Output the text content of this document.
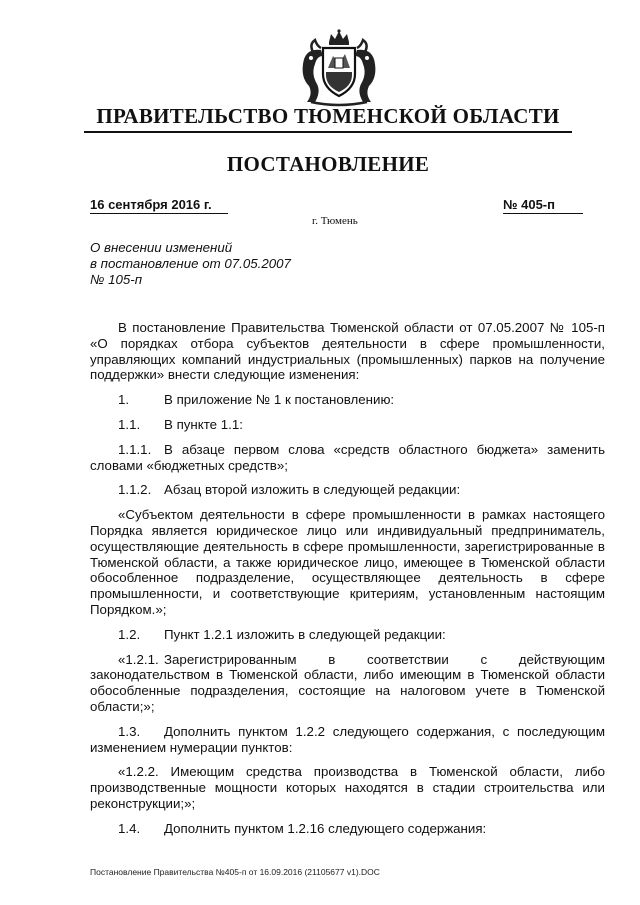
ПРАВИТЕЛЬСТВО ТЮМЕНСКОЙ ОБЛАСТИ
ПОСТАНОВЛЕНИЕ
16 сентября 2016 г.	№ 405-п
г. Тюмень
О внесении изменений
в постановление от 07.05.2007
№ 105-п

В постановление Правительства Тюменской области от 07.05.2007 № 105-п «О порядках отбора субъектов деятельности в сфере промышленности, управляющих компаний индустриальных (промышленных) парков на получение поддержки» внести следующие изменения:

1.	В приложение № 1 к постановлению:

1.1. В пункте 1.1:

1.1.1. В абзаце первом слова «средств областного бюджета» заменить словами «бюджетных средств»;

1.1.2. Абзац второй изложить в следующей редакции:

«Субъектом деятельности в сфере промышленности в рамках настоящего Порядка является юридическое лицо или индивидуальный предприниматель, осуществляющие деятельность в сфере промышленности, зарегистрированные в Тюменской области, а также юридическое лицо, имеющее в Тюменской области обособленное подразделение, осуществляющее деятельность в сфере промышленности, и соответствующие критериям, установленным настоящим Порядком.»;

1.2. Пункт 1.2.1 изложить в следующей редакции:

«1.2.1. Зарегистрированным в соответствии с действующим законодательством в Тюменской области, либо имеющим в Тюменской области обособленные подразделения, состоящие на налоговом учете в Тюменской области;»;

1.3. Дополнить пунктом 1.2.2 следующего содержания, с последующим изменением нумерации пунктов:

«1.2.2. Имеющим средства производства в Тюменской области, либо производственные мощности которых находятся в стадии строительства или реконструкции;»;

1.4. Дополнить пунктом 1.2.16 следующего содержания:

Постановление Правительства №405-п от 16.09.2016 (21105677 v1).DOC
